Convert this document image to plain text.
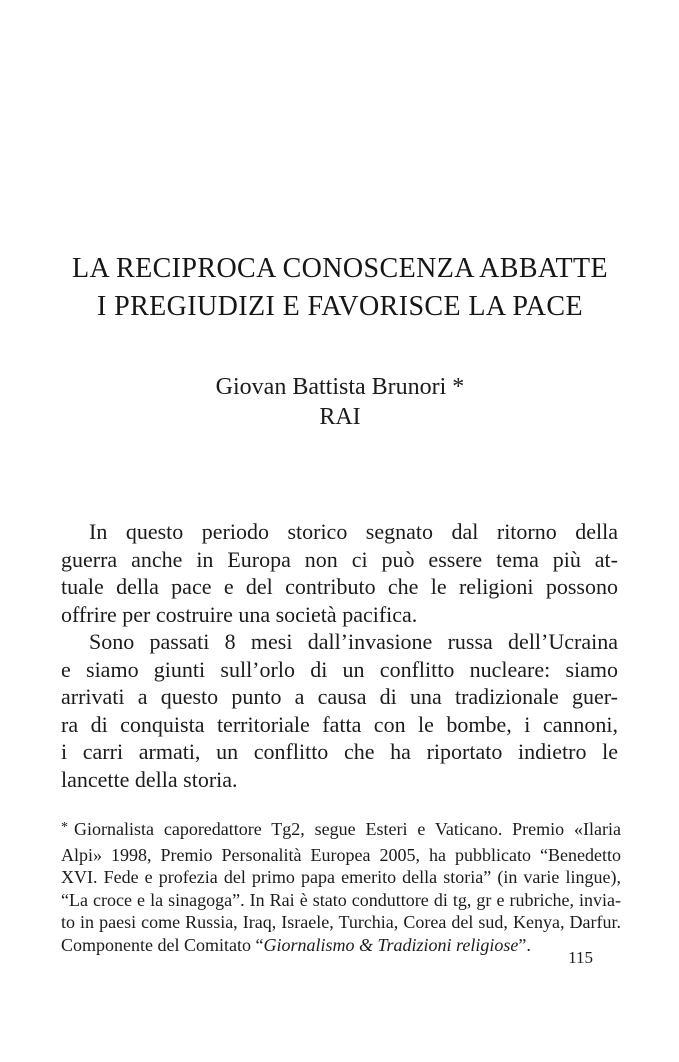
LA RECIPROCA CONOSCENZA ABBATTE
I PREGIUDIZI E FAVORISCE LA PACE
Giovan Battista Brunori *
RAI
In questo periodo storico segnato dal ritorno della
guerra anche in Europa non ci può essere tema più at-
tuale della pace e del contributo che le religioni possono
offrire per costruire una società pacifica.
Sono passati 8 mesi dall’invasione russa dell’Ucraina
e siamo giunti sull’orlo di un conflitto nucleare: siamo
arrivati a questo punto a causa di una tradizionale guer-
ra di conquista territoriale fatta con le bombe, i cannoni,
i carri armati, un conflitto che ha riportato indietro le
lancette della storia.
* Giornalista caporedattore Tg2, segue Esteri e Vaticano. Premio «Ilaria
Alpi» 1998, Premio Personalità Europea 2005, ha pubblicato “Benedetto
XVI. Fede e profezia del primo papa emerito della storia” (in varie lingue),
“La croce e la sinagoga”. In Rai è stato conduttore di tg, gr e rubriche, invia-
to in paesi come Russia, Iraq, Israele, Turchia, Corea del sud, Kenya, Darfur.
Componente del Comitato “Giornalismo & Tradizioni religiose”.
115
